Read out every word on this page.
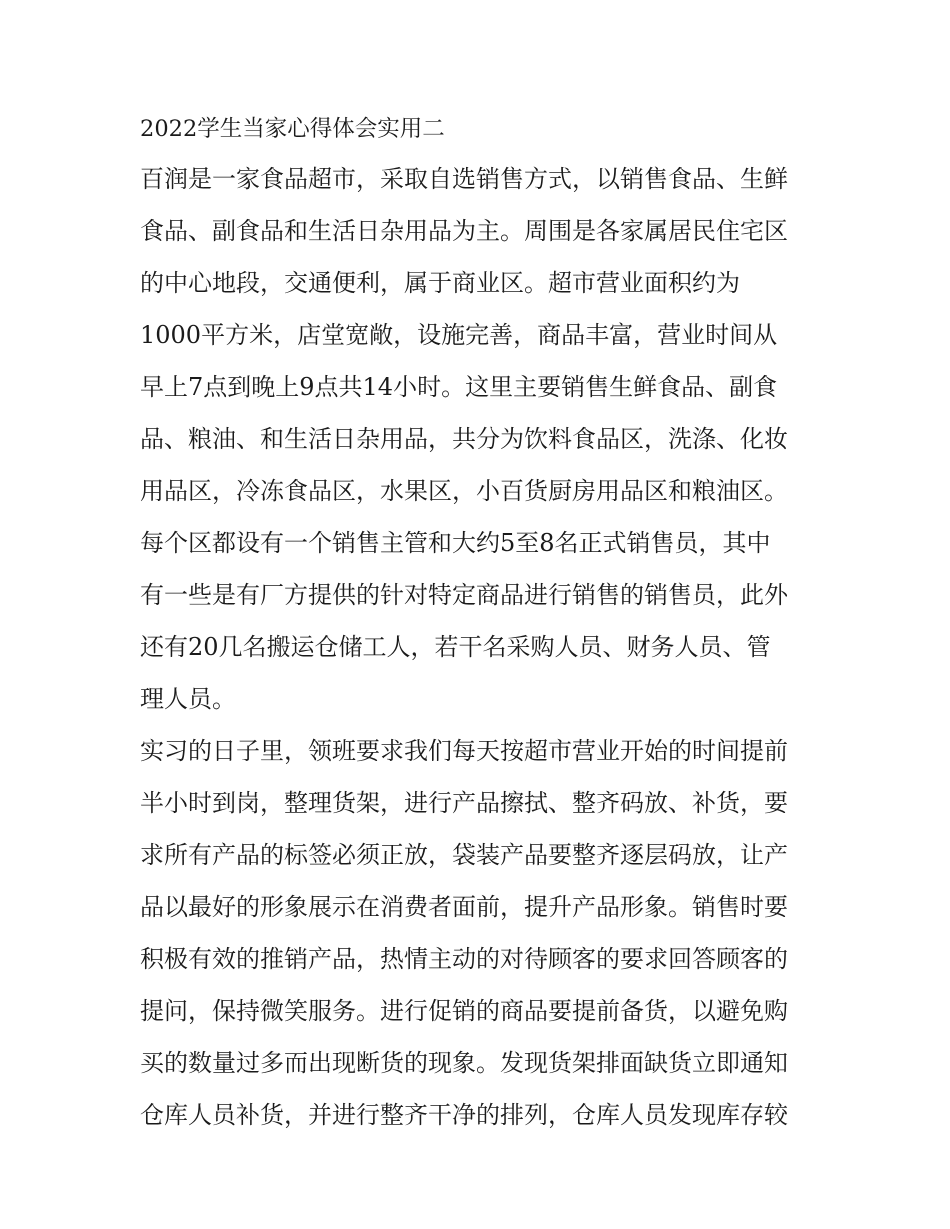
2022学生当家心得体会实用二
百润是一家食品超市，采取自选销售方式，以销售食品、生鲜
食品、副食品和生活日杂用品为主。周围是各家属居民住宅区
的中心地段，交通便利，属于商业区。超市营业面积约为
1000平方米，店堂宽敞，设施完善，商品丰富，营业时间从
早上7点到晚上9点共14小时。这里主要销售生鲜食品、副食
品、粮油、和生活日杂用品，共分为饮料食品区，洗涤、化妆
用品区，冷冻食品区，水果区，小百货厨房用品区和粮油区。
每个区都设有一个销售主管和大约5至8名正式销售员，其中
有一些是有厂方提供的针对特定商品进行销售的销售员，此外
还有20几名搬运仓储工人，若干名采购人员、财务人员、管
理人员。
实习的日子里，领班要求我们每天按超市营业开始的时间提前
半小时到岗，整理货架，进行产品擦拭、整齐码放、补货，要
求所有产品的标签必须正放，袋装产品要整齐逐层码放，让产
品以最好的形象展示在消费者面前，提升产品形象。销售时要
积极有效的推销产品，热情主动的对待顾客的要求回答顾客的
提问，保持微笑服务。进行促销的商品要提前备货，以避免购
买的数量过多而出现断货的现象。发现货架排面缺货立即通知
仓库人员补货，并进行整齐干净的排列，仓库人员发现库存较
